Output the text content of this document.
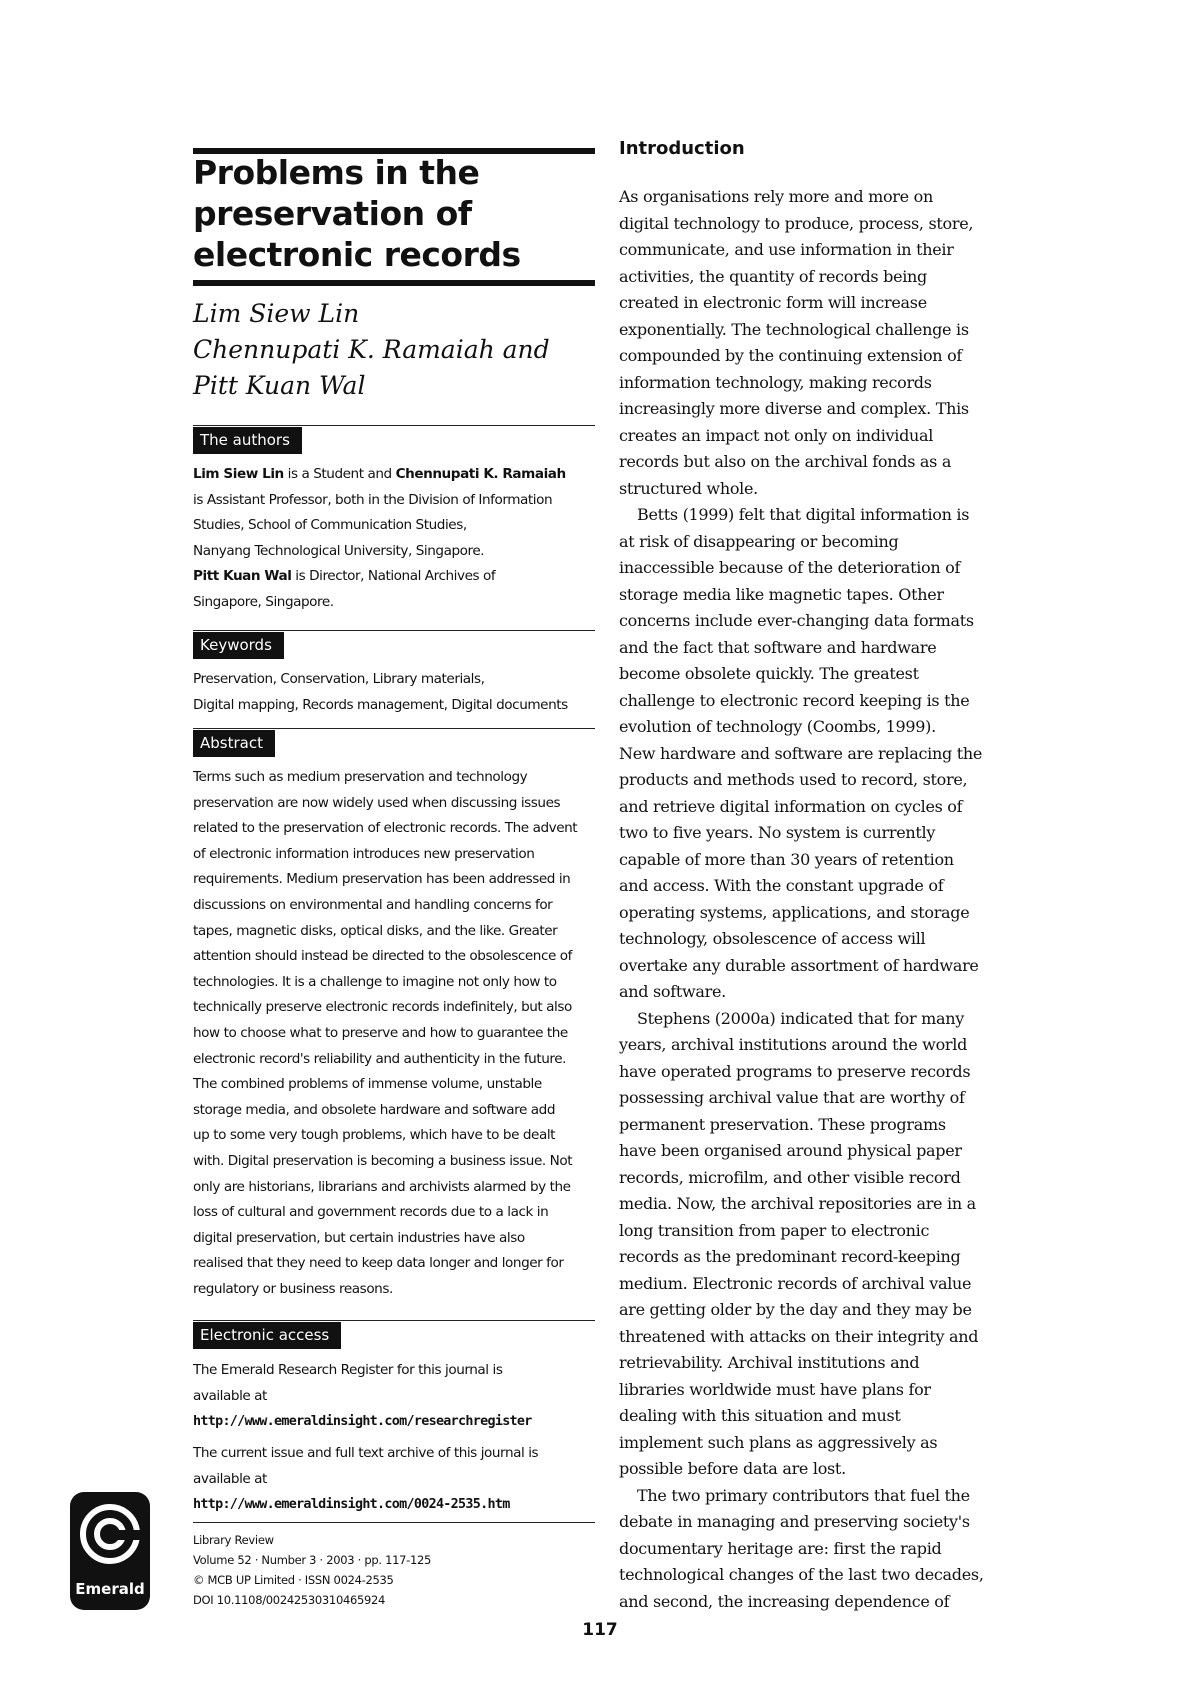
Problems in the
preservation of
electronic records
Lim Siew Lin
Chennupati K. Ramaiah and
Pitt Kuan Wal
The authors
Lim Siew Lin is a Student and Chennupati K. Ramaiah
is Assistant Professor, both in the Division of Information
Studies, School of Communication Studies,
Nanyang Technological University, Singapore.
Pitt Kuan Wal is Director, National Archives of
Singapore, Singapore.
Keywords
Preservation, Conservation, Library materials,
Digital mapping, Records management, Digital documents
Abstract
Terms such as medium preservation and technology
preservation are now widely used when discussing issues
related to the preservation of electronic records. The advent
of electronic information introduces new preservation
requirements. Medium preservation has been addressed in
discussions on environmental and handling concerns for
tapes, magnetic disks, optical disks, and the like. Greater
attention should instead be directed to the obsolescence of
technologies. It is a challenge to imagine not only how to
technically preserve electronic records indefinitely, but also
how to choose what to preserve and how to guarantee the
electronic record's reliability and authenticity in the future.
The combined problems of immense volume, unstable
storage media, and obsolete hardware and software add
up to some very tough problems, which have to be dealt
with. Digital preservation is becoming a business issue. Not
only are historians, librarians and archivists alarmed by the
loss of cultural and government records due to a lack in
digital preservation, but certain industries have also
realised that they need to keep data longer and longer for
regulatory or business reasons.
Electronic access
The Emerald Research Register for this journal is
available at
http://www.emeraldinsight.com/researchregister
The current issue and full text archive of this journal is
available at
http://www.emeraldinsight.com/0024-2535.htm
Library Review
Volume 52 · Number 3 · 2003 · pp. 117-125
© MCB UP Limited · ISSN 0024-2535
DOI 10.1108/00242530310465924
Emerald
Introduction
As organisations rely more and more on
digital technology to produce, process, store,
communicate, and use information in their
activities, the quantity of records being
created in electronic form will increase
exponentially. The technological challenge is
compounded by the continuing extension of
information technology, making records
increasingly more diverse and complex. This
creates an impact not only on individual
records but also on the archival fonds as a
structured whole.
Betts (1999) felt that digital information is
at risk of disappearing or becoming
inaccessible because of the deterioration of
storage media like magnetic tapes. Other
concerns include ever-changing data formats
and the fact that software and hardware
become obsolete quickly. The greatest
challenge to electronic record keeping is the
evolution of technology (Coombs, 1999).
New hardware and software are replacing the
products and methods used to record, store,
and retrieve digital information on cycles of
two to five years. No system is currently
capable of more than 30 years of retention
and access. With the constant upgrade of
operating systems, applications, and storage
technology, obsolescence of access will
overtake any durable assortment of hardware
and software.
Stephens (2000a) indicated that for many
years, archival institutions around the world
have operated programs to preserve records
possessing archival value that are worthy of
permanent preservation. These programs
have been organised around physical paper
records, microfilm, and other visible record
media. Now, the archival repositories are in a
long transition from paper to electronic
records as the predominant record-keeping
medium. Electronic records of archival value
are getting older by the day and they may be
threatened with attacks on their integrity and
retrievability. Archival institutions and
libraries worldwide must have plans for
dealing with this situation and must
implement such plans as aggressively as
possible before data are lost.
The two primary contributors that fuel the
debate in managing and preserving society's
documentary heritage are: first the rapid
technological changes of the last two decades,
and second, the increasing dependence of
117
